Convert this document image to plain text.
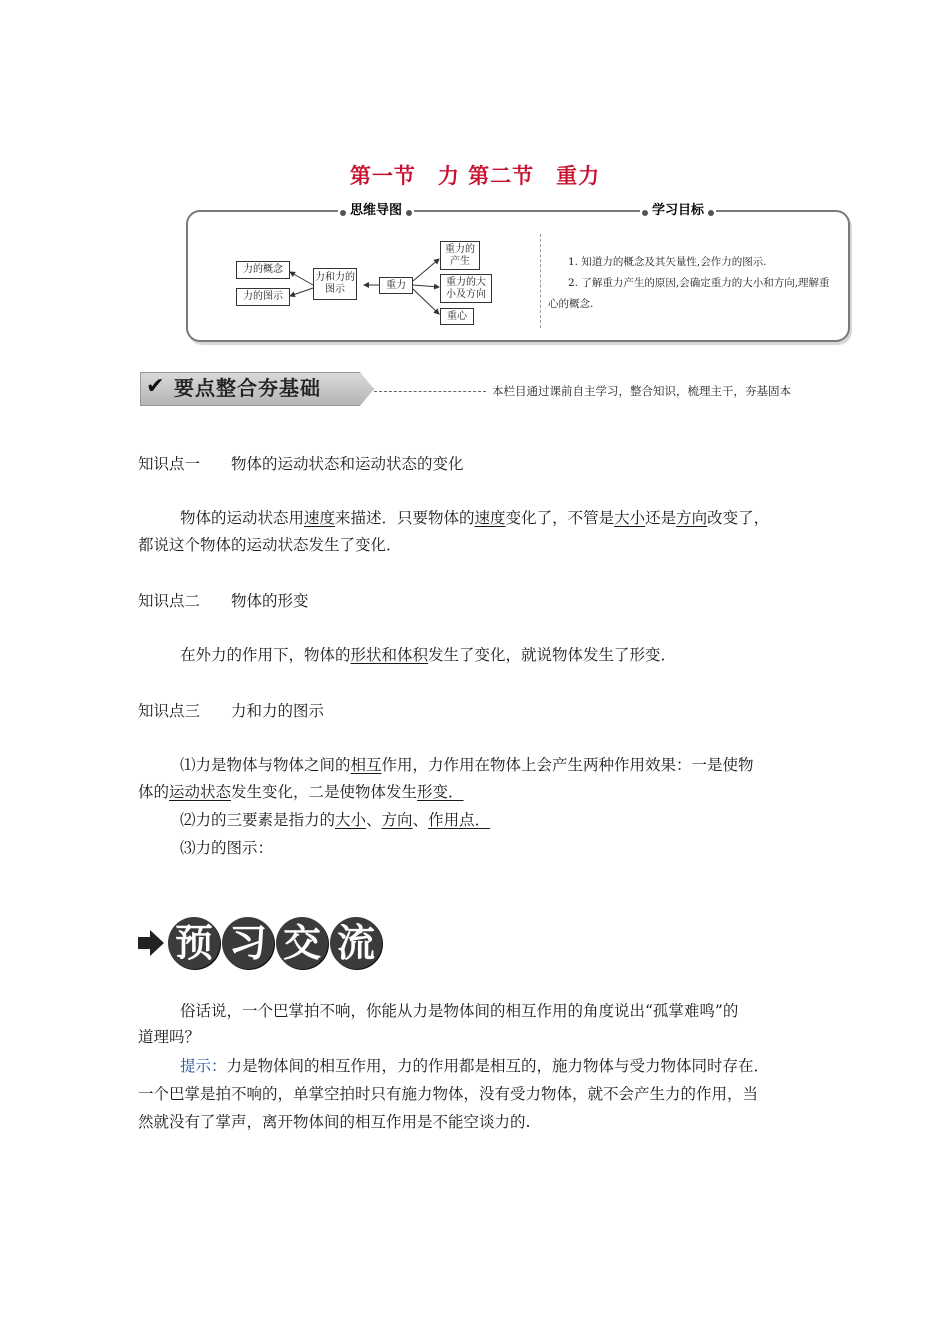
第一节　力 第二节　重力
思维导图	学习目标
力的概念
力的图示
力和力的图示	重力
重力的产生
重力的大小及方向
重心

1. 知道力的概念及其矢量性,会作力的图示.

2. 了解重力产生的原因,会确定重力的大小和方向,理解重心的概念.

✔ 要点整合夯基础	本栏目通过课前自主学习，整合知识，梳理主干，夯基固本
知识点一　　物体的运动状态和运动状态的变化
物体的运动状态用速度来描述．只要物体的速度变化了，不管是大小还是方向改变了，
都说这个物体的运动状态发生了变化．
知识点二　　物体的形变
在外力的作用下，物体的形状和体积发生了变化，就说物体发生了形变．
知识点三　　力和力的图示
⑴力是物体与物体之间的相互作用，力作用在物体上会产生两种作用效果：一是使物
体的运动状态发生变化，二是使物体发生形变．
⑵力的三要素是指力的大小、方向、作用点．
⑶力的图示：
预 习 交 流
俗话说，一个巴掌拍不响，你能从力是物体间的相互作用的角度说出“孤掌难鸣”的
道理吗？
提示：力是物体间的相互作用，力的作用都是相互的，施力物体与受力物体同时存在．
一个巴掌是拍不响的，单掌空拍时只有施力物体，没有受力物体，就不会产生力的作用，当
然就没有了掌声，离开物体间的相互作用是不能空谈力的.
